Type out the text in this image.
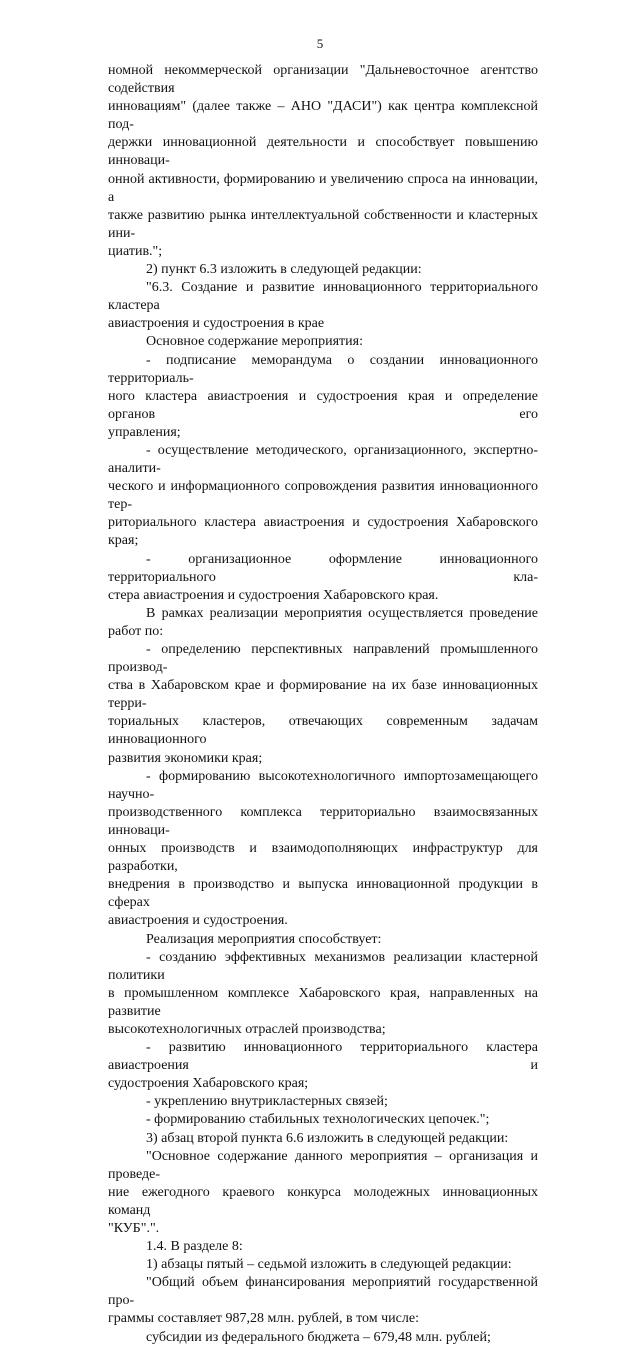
5

номной некоммерческой организации "Дальневосточное агентство содействия

инновациям" (далее также – АНО "ДАСИ") как центра комплексной под-

держки инновационной деятельности и способствует повышению инноваци-

онной активности, формированию и увеличению спроса на инновации, а

также развитию рынка интеллектуальной собственности и кластерных ини-

циатив.";

2) пункт 6.3 изложить в следующей редакции:

"6.3. Создание и развитие инновационного территориального кластера

авиастроения и судостроения в крае

Основное содержание мероприятия:

- подписание меморандума о создании инновационного территориаль-

ного кластера авиастроения и судостроения края и определение органов его

управления;

- осуществление методического, организационного, экспертно-аналити-

ческого и информационного сопровождения развития инновационного тер-

риториального кластера авиастроения и судостроения Хабаровского края;

- организационное оформление инновационного территориального кла-

стера авиастроения и судостроения Хабаровского края.

В рамках реализации мероприятия осуществляется проведение работ по:

- определению перспективных направлений промышленного производ-

ства в Хабаровском крае и формирование на их базе инновационных терри-

ториальных кластеров, отвечающих современным задачам инновационного

развития экономики края;

- формированию высокотехнологичного импортозамещающего научно-

производственного комплекса территориально взаимосвязанных инноваци-

онных производств и взаимодополняющих инфраструктур для разработки,

внедрения в производство и выпуска инновационной продукции в сферах

авиастроения и судостроения.

Реализация мероприятия способствует:

- созданию эффективных механизмов реализации кластерной политики

в промышленном комплексе Хабаровского края, направленных на развитие

высокотехнологичных отраслей производства;

- развитию инновационного территориального кластера авиастроения и

судостроения Хабаровского края;

- укреплению внутрикластерных связей;

- формированию стабильных технологических цепочек.";

3) абзац второй пункта 6.6 изложить в следующей редакции:

"Основное содержание данного мероприятия – организация и проведе-

ние ежегодного краевого конкурса молодежных инновационных команд

"КУБ".".

1.4. В разделе 8:

1) абзацы пятый – седьмой изложить в следующей редакции:

"Общий объем финансирования мероприятий государственной про-

граммы составляет 987,28 млн. рублей, в том числе:

субсидии из федерального бюджета – 679,48 млн. рублей;
